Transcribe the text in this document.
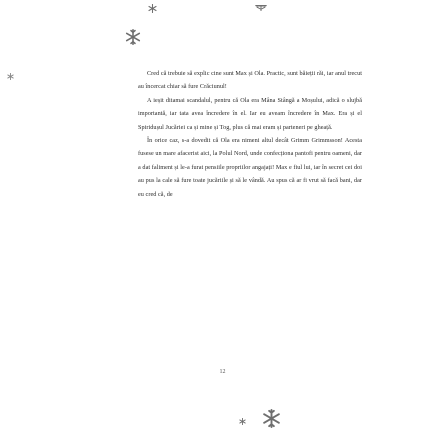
Cred că trebuie să explic cine sunt Max și Ola. Practic, sunt băieții răi, iar anul trecut au încercat chiar să fure Crăciunul!

A ieșit ditamai scandalul, pentru că Ola era Mâna Stângă a Moșului, adică o slujbă importantă, iar tata avea încredere în el. Iar eu aveam încredere în Max. Era și el Spiridușul Jucăriei ca și mine și Tog, plus că mai eram și parteneri pe gheață.

În orice caz, s-a dovedit că Ola era nimeni altul decât Grimm Grimmsson! Acesta fusese un mare afacerist aici, la Polul Nord, unde confecționa pantofi pentru oameni, dar a dat faliment și le-a furat pensiile propriilor angajați! Max e fiul lui, iar în secret cei doi au pus la cale să fure toate jucăriile și să le vândă. Au spus că ar fi vrut să facă bani, dar eu cred că, de

12
